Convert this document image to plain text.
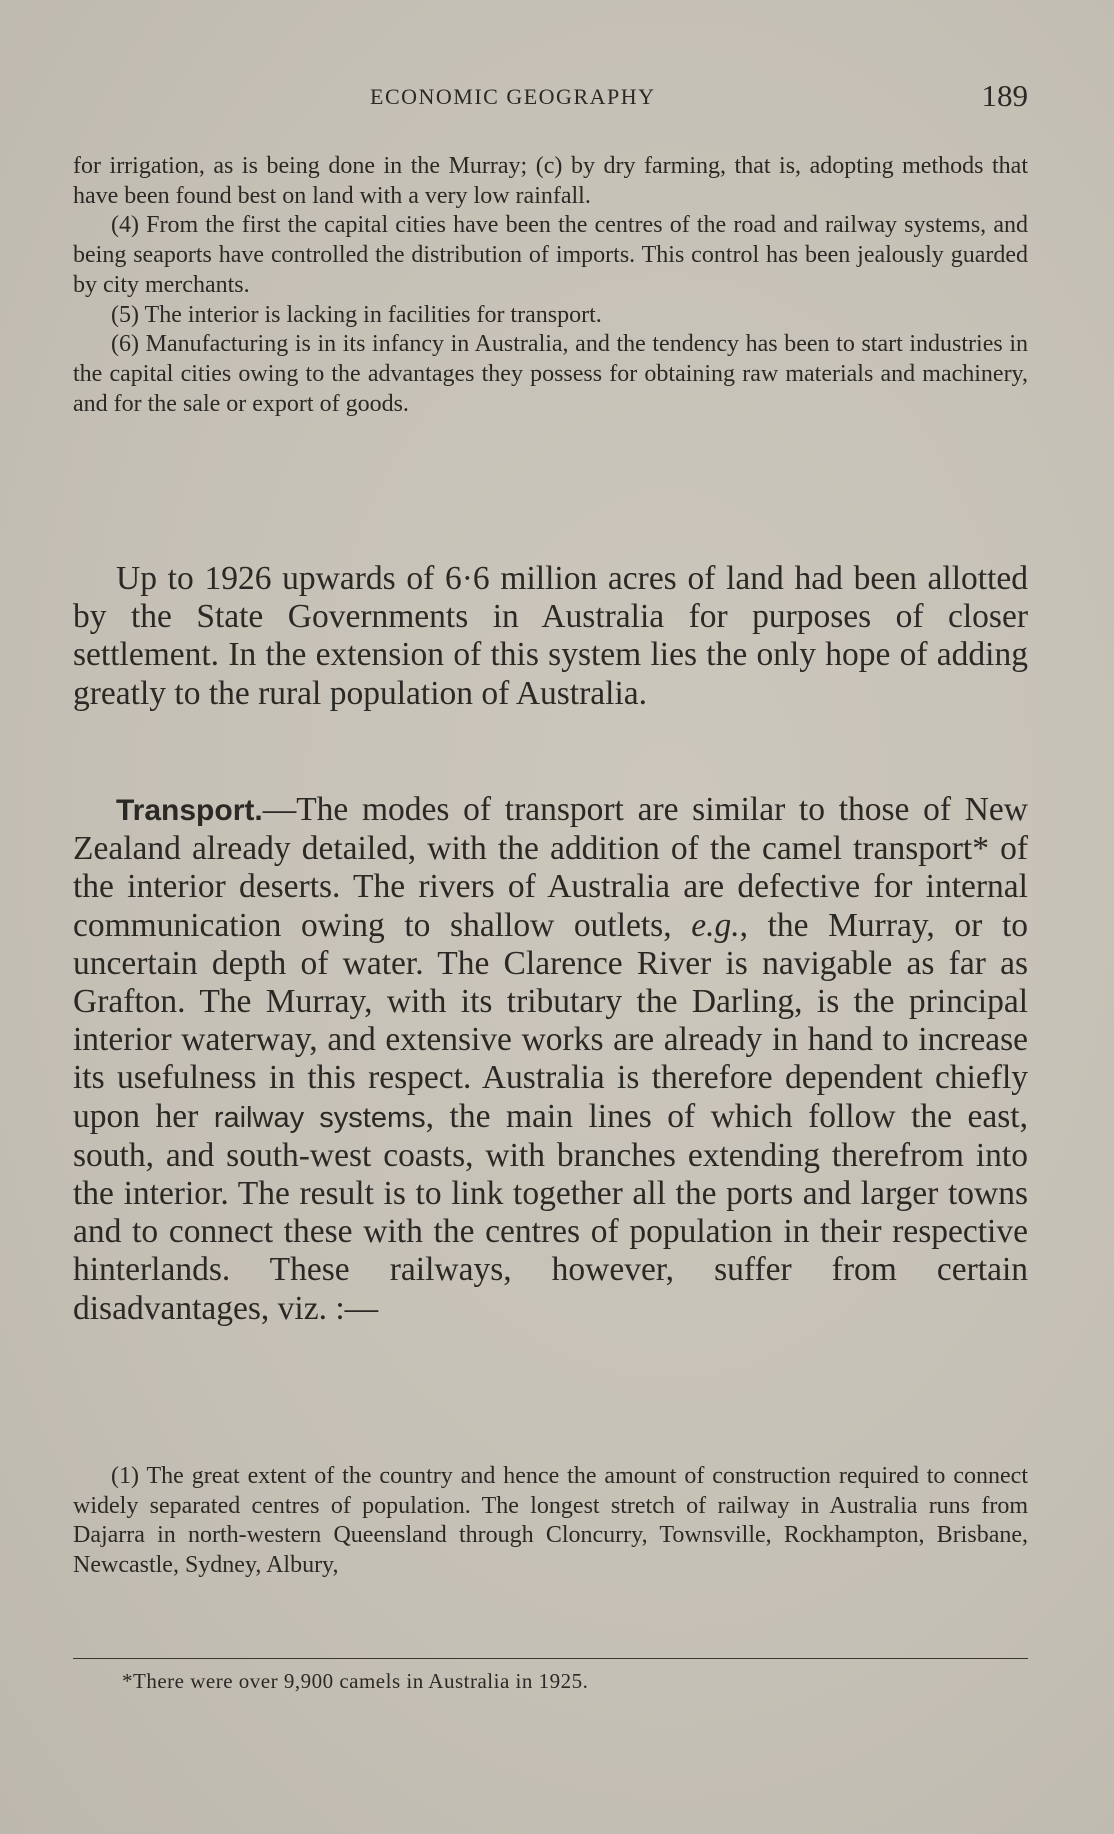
ECONOMIC GEOGRAPHY	189

for irrigation, as is being done in the Murray; (c) by dry farming, that is, adopting methods that have been found best on land with a very low rainfall.

(4) From the first the capital cities have been the centres of the road and railway systems, and being seaports have controlled the distribution of imports. This control has been jealously guarded by city merchants.

(5) The interior is lacking in facilities for transport.

(6) Manufacturing is in its infancy in Australia, and the tendency has been to start industries in the capital cities owing to the advantages they possess for obtaining raw materials and machinery, and for the sale or export of goods.

Up to 1926 upwards of 6·6 million acres of land had been allotted by the State Governments in Australia for purposes of closer settlement. In the extension of this system lies the only hope of adding greatly to the rural population of Australia.

Transport.—The modes of transport are similar to those of New Zealand already detailed, with the addition of the camel transport* of the interior deserts. The rivers of Australia are defective for internal communication owing to shallow outlets, e.g., the Murray, or to uncertain depth of water. The Clarence River is navigable as far as Grafton. The Murray, with its tributary the Darling, is the principal interior waterway, and extensive works are already in hand to increase its usefulness in this respect. Australia is therefore dependent chiefly upon her railway systems, the main lines of which follow the east, south, and south-west coasts, with branches extending therefrom into the interior. The result is to link together all the ports and larger towns and to connect these with the centres of population in their respective hinterlands. These railways, however, suffer from certain disadvantages, viz. :—

(1) The great extent of the country and hence the amount of construction required to connect widely separated centres of population. The longest stretch of railway in Australia runs from Dajarra in north-western Queensland through Cloncurry, Townsville, Rockhampton, Brisbane, Newcastle, Sydney, Albury,

*There were over 9,900 camels in Australia in 1925.
